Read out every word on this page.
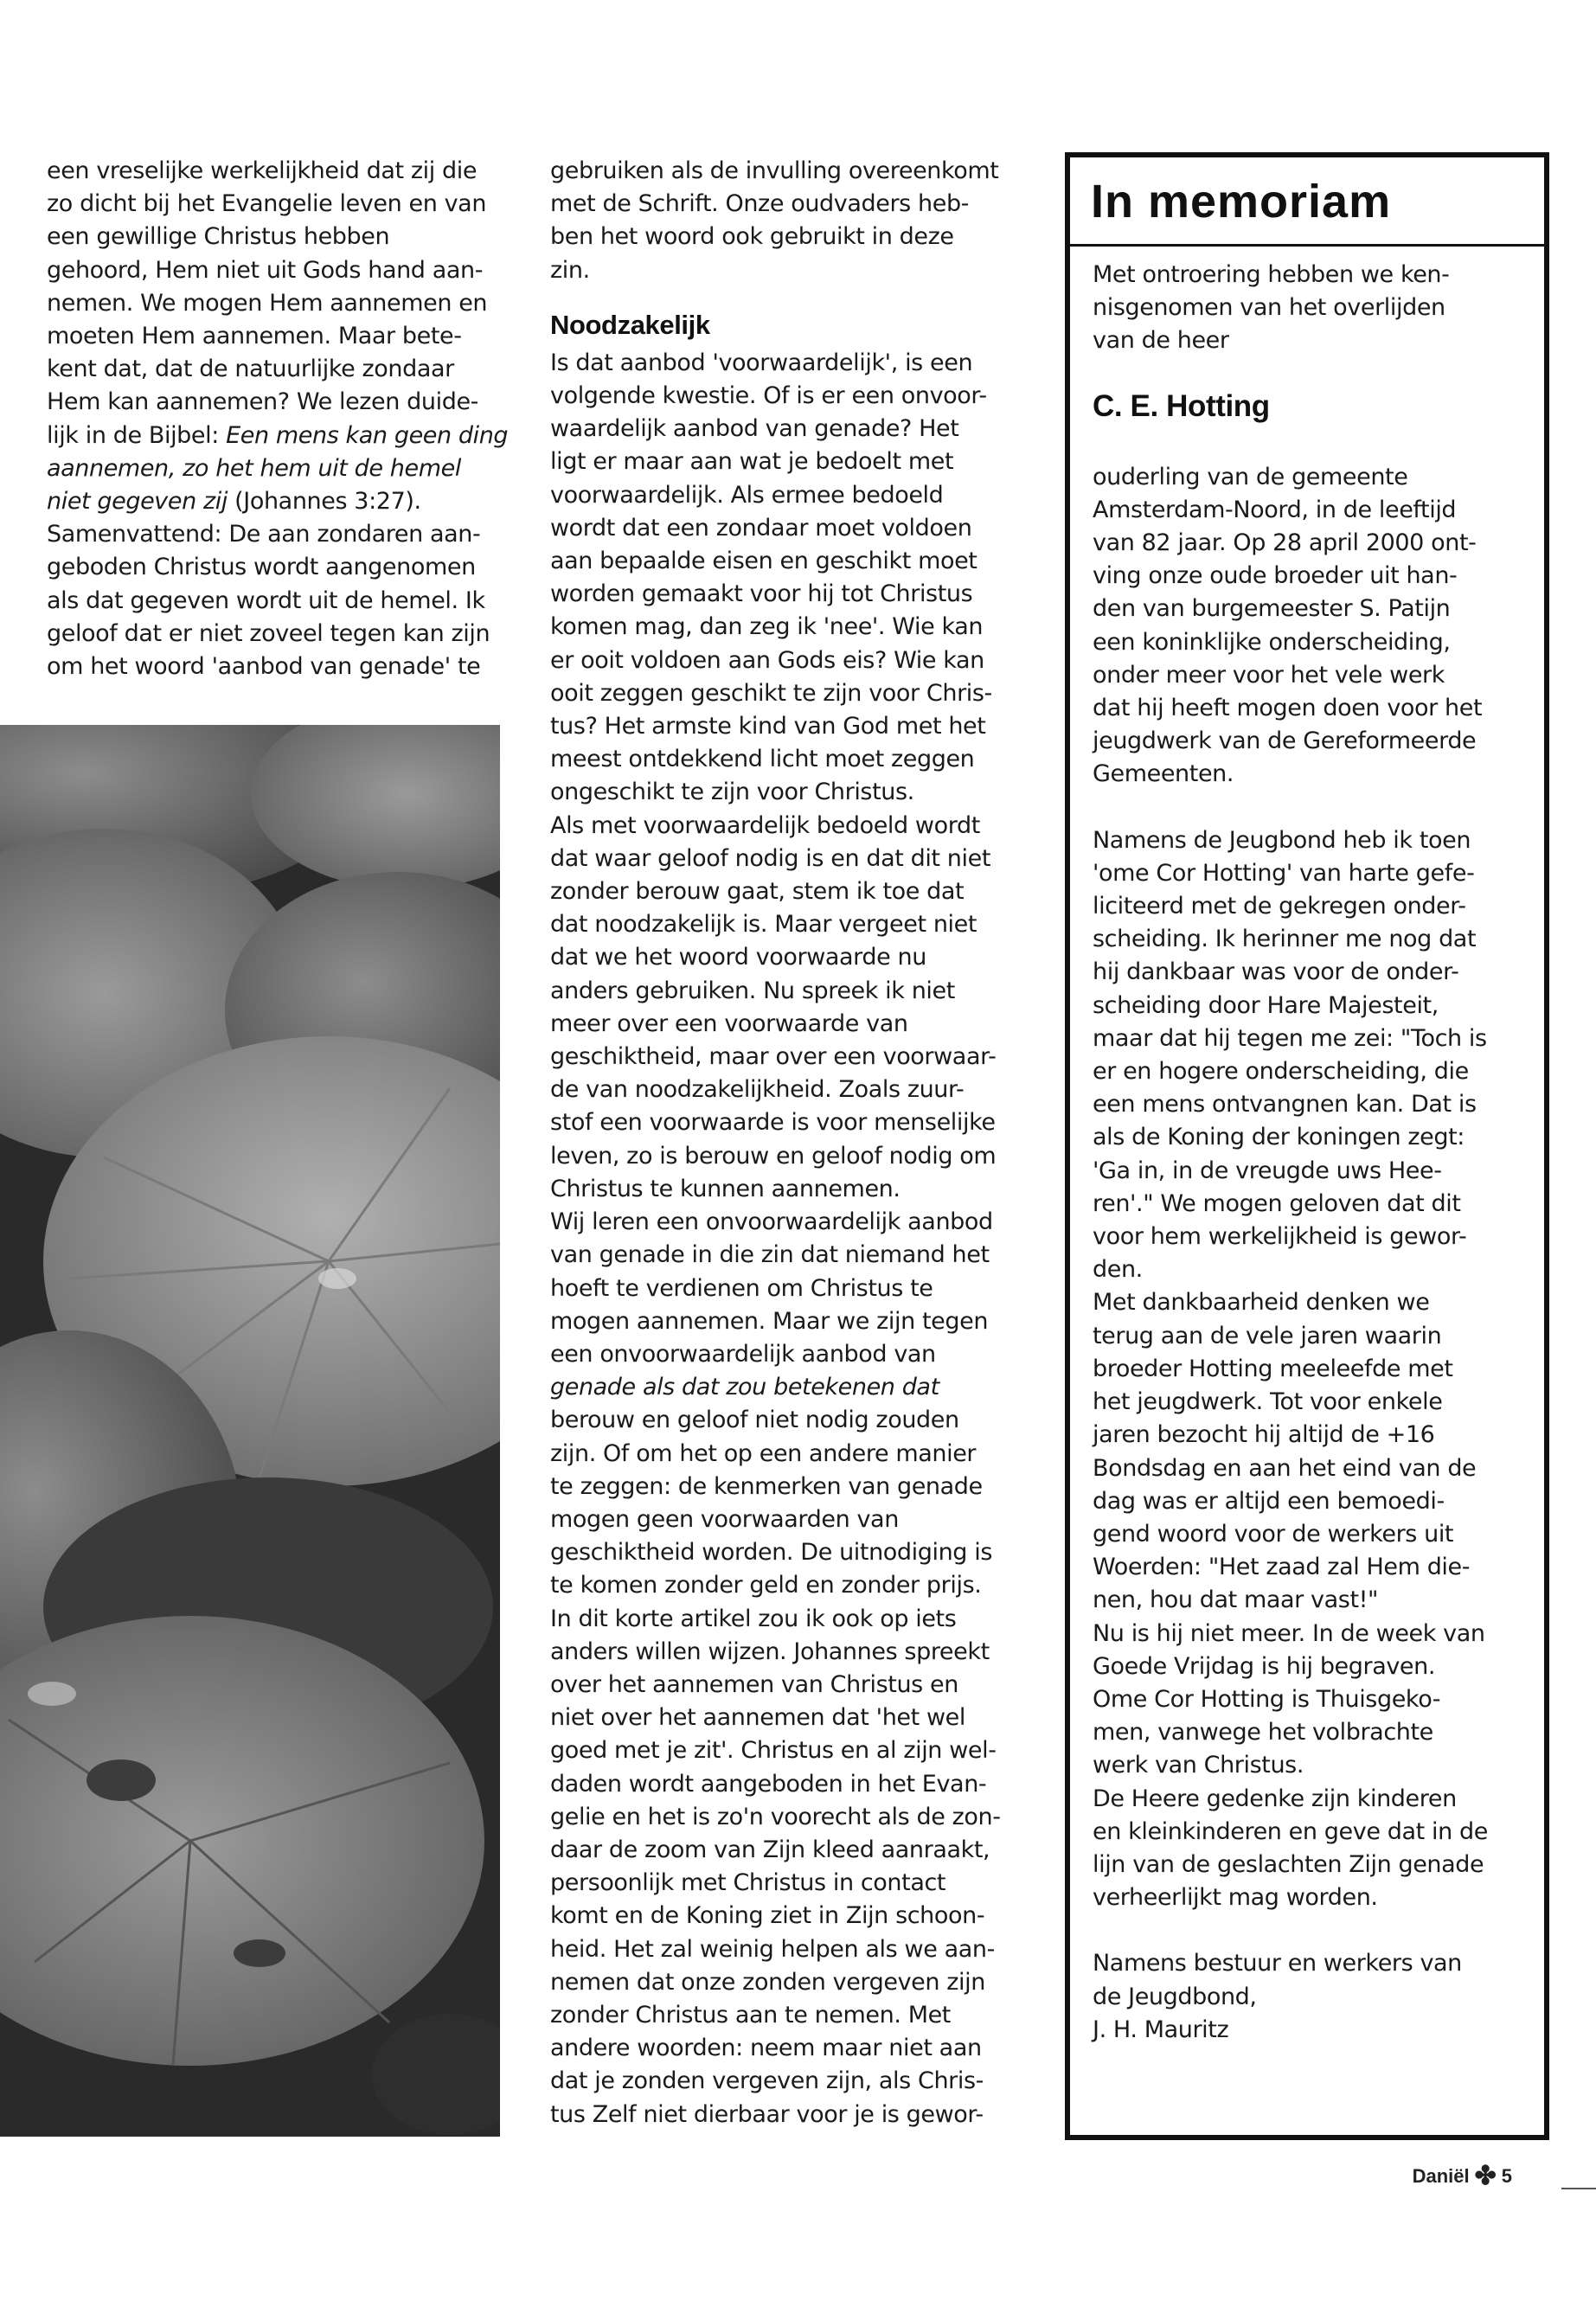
een vreselijke werkelijkheid dat zij die
zo dicht bij het Evangelie leven en van
een gewillige Christus hebben
gehoord, Hem niet uit Gods hand aan-
nemen. We mogen Hem aannemen en
moeten Hem aannemen. Maar bete-
kent dat, dat de natuurlijke zondaar
Hem kan aannemen? We lezen duide-
lijk in de Bijbel: Een mens kan geen ding
aannemen, zo het hem uit de hemel
niet gegeven zij (Johannes 3:27).
Samenvattend: De aan zondaren aan-
geboden Christus wordt aangenomen
als dat gegeven wordt uit de hemel. Ik
geloof dat er niet zoveel tegen kan zijn
om het woord 'aanbod van genade' te
gebruiken als de invulling overeenkomt
met de Schrift. Onze oudvaders heb-
ben het woord ook gebruikt in deze
zin.
Noodzakelijk
Is dat aanbod 'voorwaardelijk', is een
volgende kwestie. Of is er een onvoor-
waardelijk aanbod van genade? Het
ligt er maar aan wat je bedoelt met
voorwaardelijk. Als ermee bedoeld
wordt dat een zondaar moet voldoen
aan bepaalde eisen en geschikt moet
worden gemaakt voor hij tot Christus
komen mag, dan zeg ik 'nee'. Wie kan
er ooit voldoen aan Gods eis? Wie kan
ooit zeggen geschikt te zijn voor Chris-
tus? Het armste kind van God met het
meest ontdekkend licht moet zeggen
ongeschikt te zijn voor Christus.
Als met voorwaardelijk bedoeld wordt
dat waar geloof nodig is en dat dit niet
zonder berouw gaat, stem ik toe dat
dat noodzakelijk is. Maar vergeet niet
dat we het woord voorwaarde nu
anders gebruiken. Nu spreek ik niet
meer over een voorwaarde van
geschiktheid, maar over een voorwaar-
de van noodzakelijkheid. Zoals zuur-
stof een voorwaarde is voor menselijke
leven, zo is berouw en geloof nodig om
Christus te kunnen aannemen.
Wij leren een onvoorwaardelijk aanbod
van genade in die zin dat niemand het
hoeft te verdienen om Christus te
mogen aannemen. Maar we zijn tegen
een onvoorwaardelijk aanbod van
genade als dat zou betekenen dat
berouw en geloof niet nodig zouden
zijn. Of om het op een andere manier
te zeggen: de kenmerken van genade
mogen geen voorwaarden van
geschiktheid worden. De uitnodiging is
te komen zonder geld en zonder prijs.
In dit korte artikel zou ik ook op iets
anders willen wijzen. Johannes spreekt
over het aannemen van Christus en
niet over het aannemen dat 'het wel
goed met je zit'. Christus en al zijn wel-
daden wordt aangeboden in het Evan-
gelie en het is zo'n voorecht als de zon-
daar de zoom van Zijn kleed aanraakt,
persoonlijk met Christus in contact
komt en de Koning ziet in Zijn schoon-
heid. Het zal weinig helpen als we aan-
nemen dat onze zonden vergeven zijn
zonder Christus aan te nemen. Met
andere woorden: neem maar niet aan
dat je zonden vergeven zijn, als Chris-
tus Zelf niet dierbaar voor je is gewor-
In memoriam
Met ontroering hebben we ken-
nisgenomen van het overlijden
van de heer
C. E. Hotting
ouderling van de gemeente
Amsterdam-Noord, in de leeftijd
van 82 jaar. Op 28 april 2000 ont-
ving onze oude broeder uit han-
den van burgemeester S. Patijn
een koninklijke onderscheiding,
onder meer voor het vele werk
dat hij heeft mogen doen voor het
jeugdwerk van de Gereformeerde
Gemeenten.
Namens de Jeugbond heb ik toen
'ome Cor Hotting' van harte gefe-
liciteerd met de gekregen onder-
scheiding. Ik herinner me nog dat
hij dankbaar was voor de onder-
scheiding door Hare Majesteit,
maar dat hij tegen me zei: "Toch is
er en hogere onderscheiding, die
een mens ontvangnen kan. Dat is
als de Koning der koningen zegt:
'Ga in, in de vreugde uws Hee-
ren'." We mogen geloven dat dit
voor hem werkelijkheid is gewor-
den.
Met dankbaarheid denken we
terug aan de vele jaren waarin
broeder Hotting meeleefde met
het jeugdwerk. Tot voor enkele
jaren bezocht hij altijd de +16
Bondsdag en aan het eind van de
dag was er altijd een bemoedi-
gend woord voor de werkers uit
Woerden: "Het zaad zal Hem die-
nen, hou dat maar vast!"
Nu is hij niet meer. In de week van
Goede Vrijdag is hij begraven.
Ome Cor Hotting is Thuisgeko-
men, vanwege het volbrachte
werk van Christus.
De Heere gedenke zijn kinderen
en kleinkinderen en geve dat in de
lijn van de geslachten Zijn genade
verheerlijkt mag worden.
Namens bestuur en werkers van
de Jeugdbond,
J. H. Mauritz
Daniël ✤ 5
